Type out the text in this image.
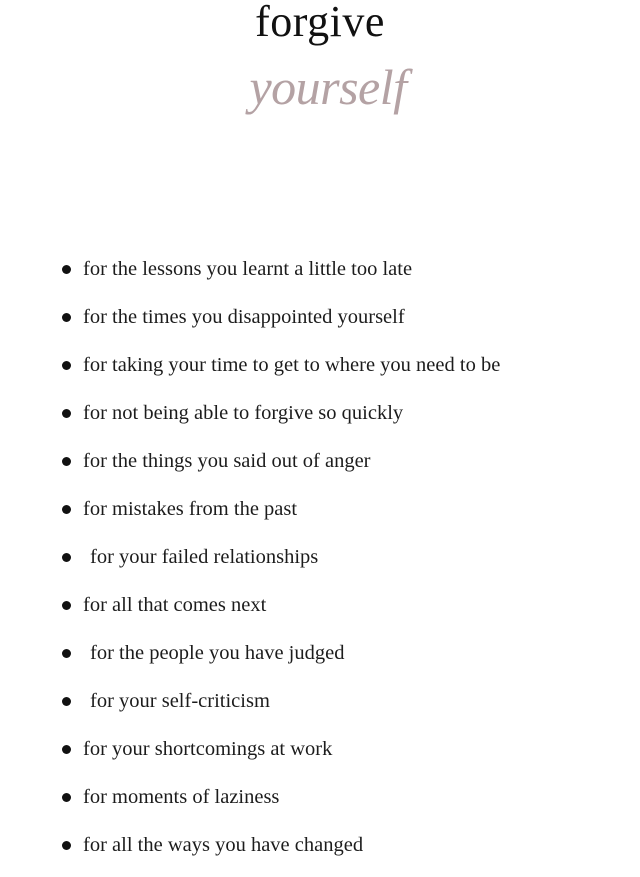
forgive
yourself
for the lessons you learnt a little too late
for the times you disappointed yourself
for taking your time to get to where you need to be
for not being able to forgive so quickly
for the things you said out of anger
for mistakes from the past
for your failed relationships
for all that comes next
for the people you have judged
for your self-criticism
for your shortcomings at work
for moments of laziness
for all the ways you have changed
